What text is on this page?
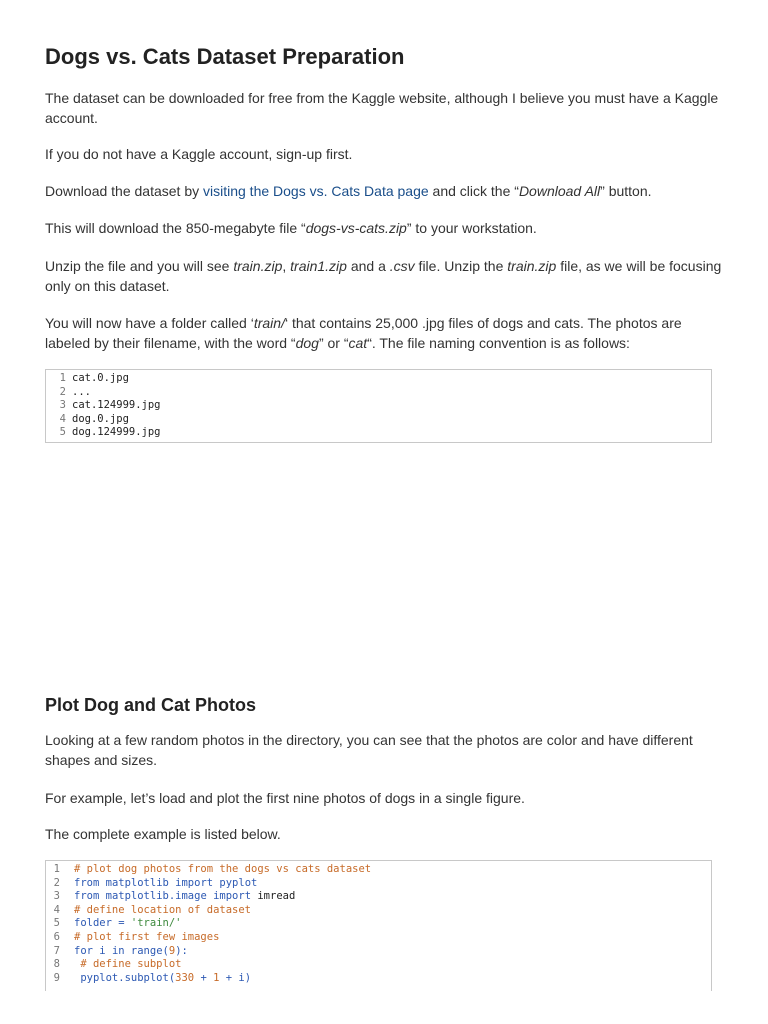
Dogs vs. Cats Dataset Preparation

The dataset can be downloaded for free from the Kaggle website, although I believe you must have a Kaggle account.

If you do not have a Kaggle account, sign-up first.

Download the dataset by visiting the Dogs vs. Cats Data page and click the “Download All” button.

This will download the 850-megabyte file “dogs-vs-cats.zip” to your workstation.

Unzip the file and you will see train.zip, train1.zip and a .csv file. Unzip the train.zip file, as we will be focusing only on this dataset.

You will now have a folder called ‘train/‘ that contains 25,000 .jpg files of dogs and cats. The photos are labeled by their filename, with the word “dog” or “cat“. The file naming convention is as follows:

1 cat.0.jpg
2 ...
3 cat.124999.jpg
4 dog.0.jpg
5 dog.124999.jpg
Plot Dog and Cat Photos

Looking at a few random photos in the directory, you can see that the photos are color and have different shapes and sizes.

For example, let’s load and plot the first nine photos of dogs in a single figure.

The complete example is listed below.

1	# plot dog photos from the dogs vs cats dataset
2	from matplotlib import pyplot
3	from matplotlib.image import imread
4	# define location of dataset
5	folder = 'train/'
6	# plot first few images
7	for i in range( 9 ):
8	# define subplot
9	pyplot.subplot( 330 + 1 + i)
